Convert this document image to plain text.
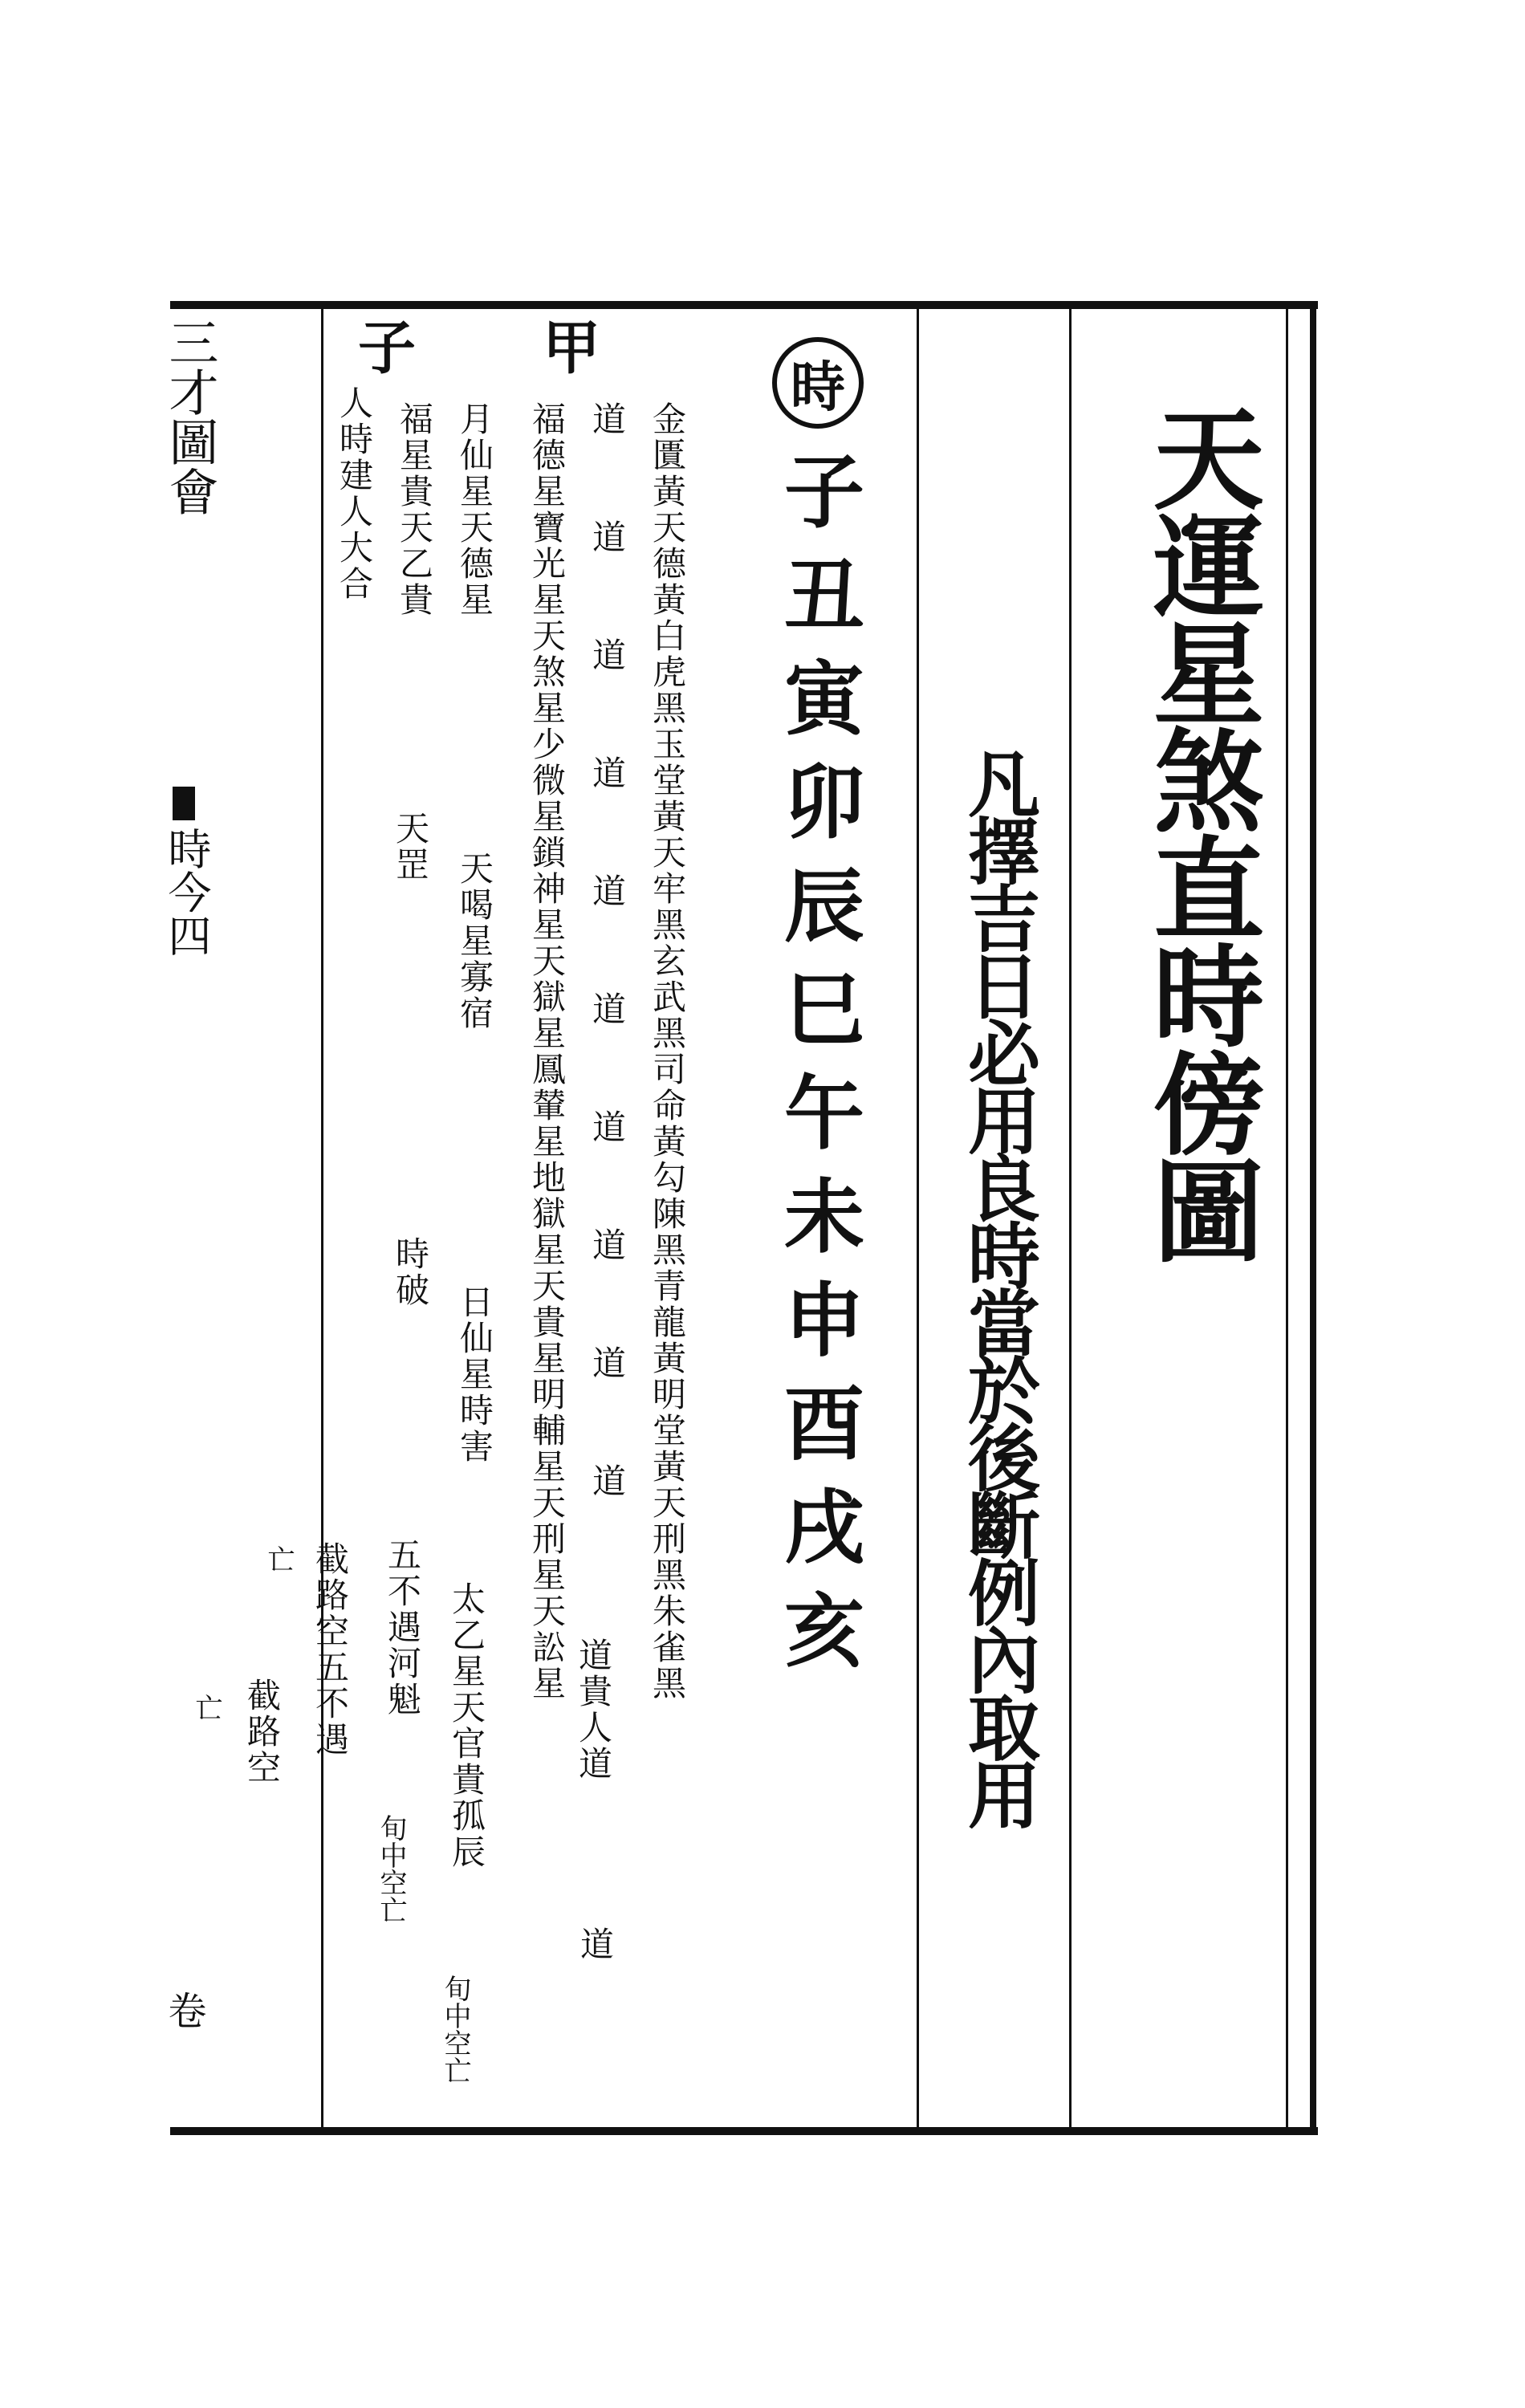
天運星煞直時傍圖
凡擇吉日必用良時當於後斷例內取用
時
子丑寅卯辰巳午未申酉戌亥
甲
子
金匱黃天德黃白虎黑玉堂黃天牢黑玄武黑司命黃勾陳黑青龍黃明堂黃天刑黑朱雀黑
道道道道道道道道道道
道貴人道
道
福德星寶光星天煞星少微星鎖神星天獄星鳳輦星地獄星天貴星明輔星天刑星天訟星
月仙星天德星
天喝星寡宿
日仙星時害
太乙星天官貴孤辰
旬中空亡
福星貴天乙貴
天罡
時破
五不遇河魁
旬中空亡
人時建人大合
截路空五不遇
截路空
亡
亡
三才圖會
時今四
卷
